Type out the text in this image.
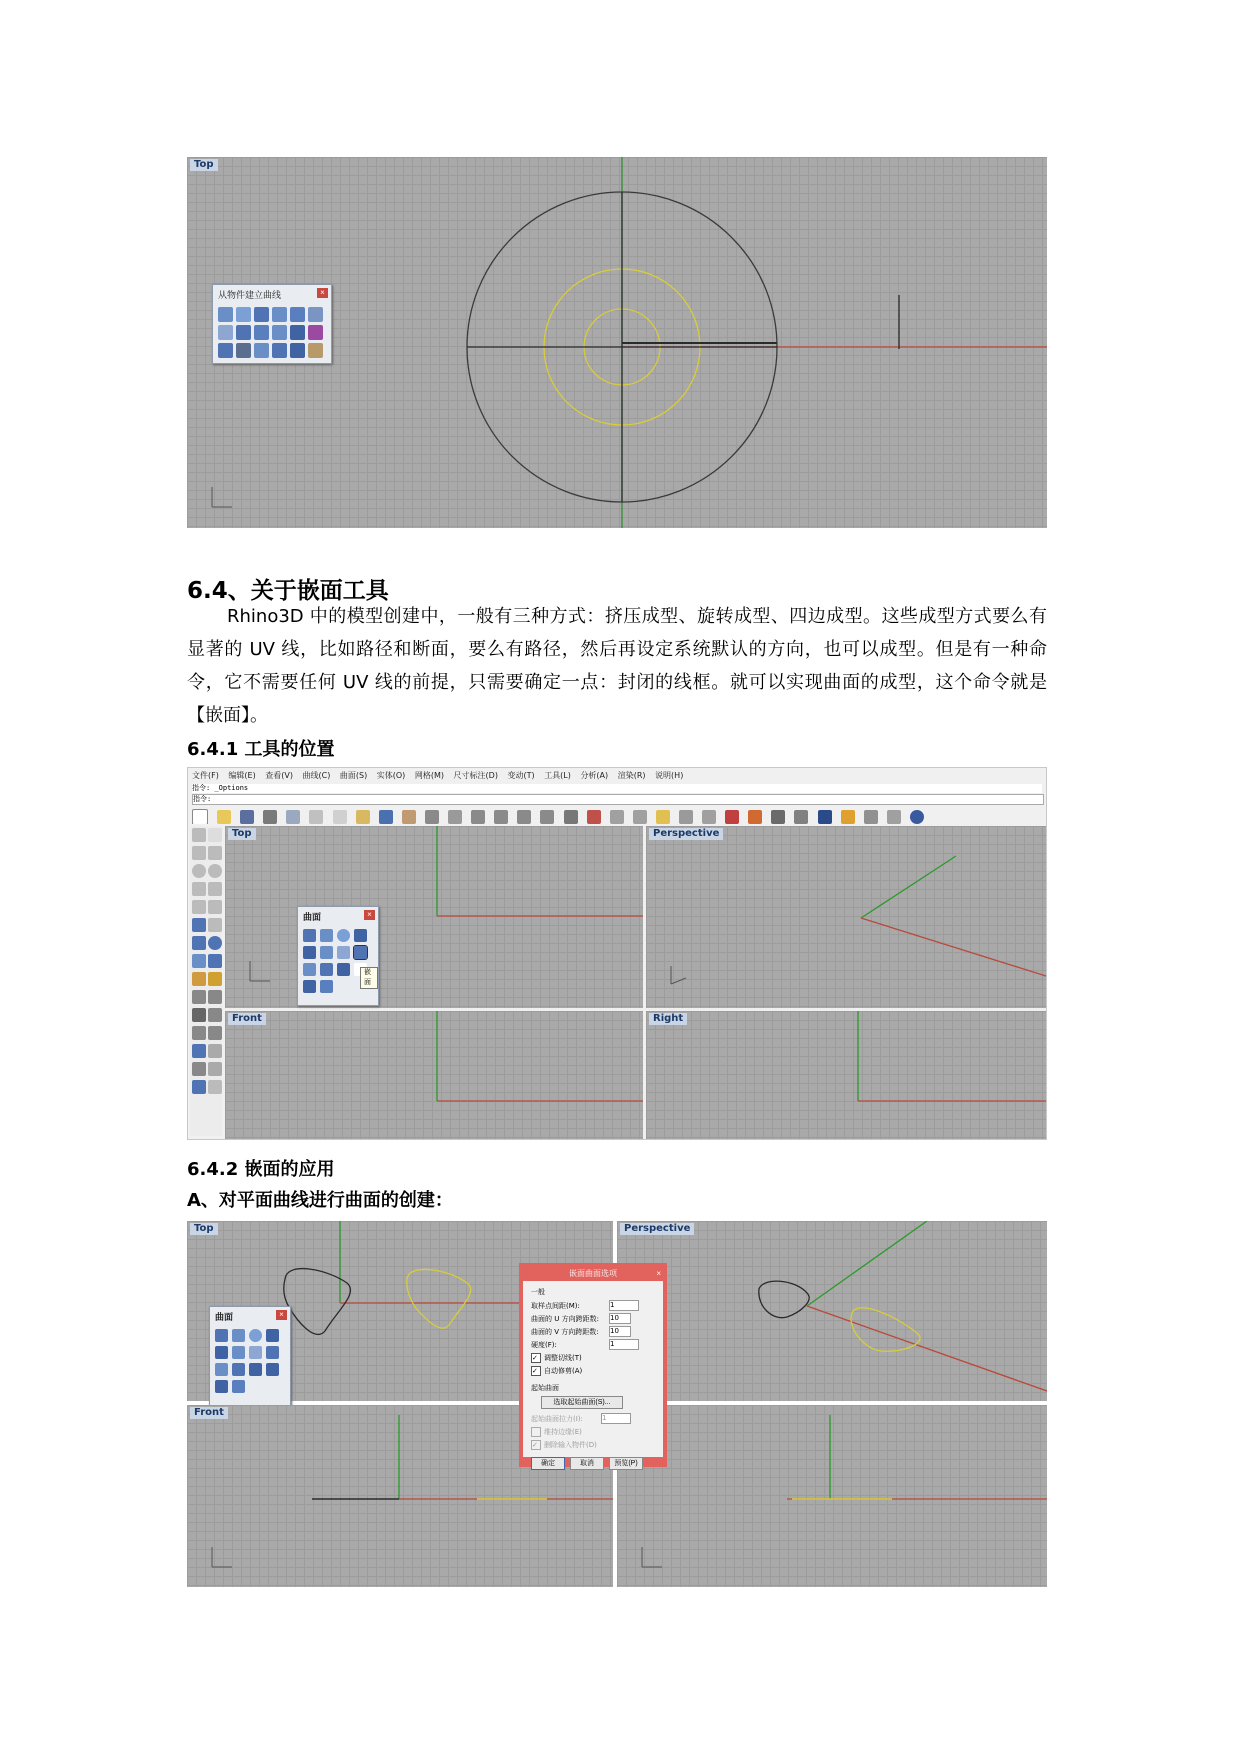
Top
从物件建立曲线	×
6.4、关于嵌面工具
Rhino3D 中的模型创建中，一般有三种方式：挤压成型、旋转成型、四边成型。这些成型方式要么有显著的 UV 线，比如路径和断面，要么有路径，然后再设定系统默认的方向，也可以成型。但是有一种命令，它不需要任何 UV 线的前提，只需要确定一点：封闭的线框。就可以实现曲面的成型，这个命令就是 【嵌面】。
6.4.1 工具的位置
文件(F) 编辑(E) 查看(V) 曲线(C) 曲面(S) 实体(O) 网格(M) 尺寸标注(D) 变动(T) 工具(L) 分析(A) 渲染(R) 说明(H)
指令: _Options
指令:

Top
曲面	×
嵌面
Perspective
Front	Right
6.4.2 嵌面的应用
A、对平面曲线进行曲面的创建：
Top
曲面	×
Perspective
Front
嵌面曲面选项	×
一般
取样点间距(M):	1
曲面的 U 方向跨距数:	10
曲面的 V 方向跨距数:	10
硬度(F):	1
✓ 调整切线(T)
✓ 自动修剪(A)
起始曲面
选取起始曲面(S)...
起始曲面拉力(I):	1
维持边缘(E)
✓ 删除输入物件(D)
确定	取消	预览(P)
